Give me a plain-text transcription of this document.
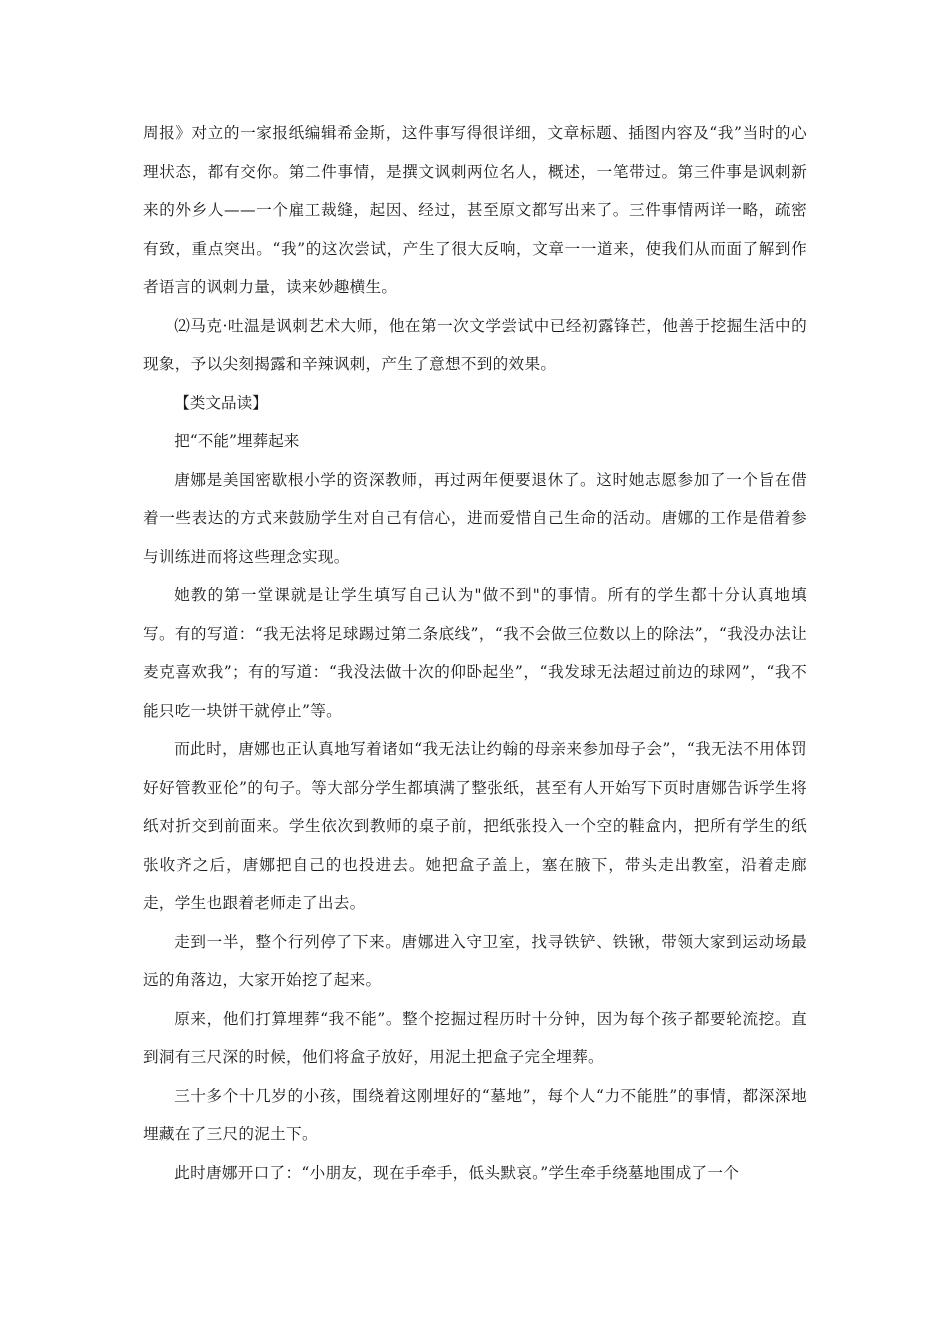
周报》对立的一家报纸编辑希金斯，这件事写得很详细，文章标题、插图内容及“我”当时的心理状态，都有交你。第二件事情，是撰文讽刺两位名人，概述，一笔带过。第三件事是讽刺新来的外乡人——一个雇工裁缝，起因、经过，甚至原文都写出来了。三件事情两详一略，疏密有致，重点突出。“我”的这次尝试，产生了很大反响，文章一一道来，使我们从而面了解到作者语言的讽刺力量，读来妙趣横生。

⑵马克·吐温是讽刺艺术大师，他在第一次文学尝试中已经初露锋芒，他善于挖掘生活中的现象，予以尖刻揭露和辛辣讽刺，产生了意想不到的效果。

【类文品读】

把“不能”埋葬起来

唐娜是美国密歇根小学的资深教师，再过两年便要退休了。这时她志愿参加了一个旨在借着一些表达的方式来鼓励学生对自己有信心，进而爱惜自己生命的活动。唐娜的工作是借着参与训练进而将这些理念实现。

她教的第一堂课就是让学生填写自己认为"做不到"的事情。所有的学生都十分认真地填写。有的写道：“我无法将足球踢过第二条底线”，“我不会做三位数以上的除法”，“我没办法让麦克喜欢我”；有的写道：“我没法做十次的仰卧起坐”，“我发球无法超过前边的球网”，“我不能只吃一块饼干就停止”等。

而此时，唐娜也正认真地写着诸如“我无法让约翰的母亲来参加母子会”，“我无法不用体罚好好管教亚伦”的句子。等大部分学生都填满了整张纸，甚至有人开始写下页时唐娜告诉学生将纸对折交到前面来。学生依次到教师的桌子前，把纸张投入一个空的鞋盒内，把所有学生的纸张收齐之后，唐娜把自己的也投进去。她把盒子盖上，塞在腋下，带头走出教室，沿着走廊走，学生也跟着老师走了出去。

走到一半，整个行列停了下来。唐娜进入守卫室，找寻铁铲、铁锹，带领大家到运动场最远的角落边，大家开始挖了起来。

原来，他们打算埋葬“我不能”。整个挖掘过程历时十分钟，因为每个孩子都要轮流挖。直到洞有三尺深的时候，他们将盒子放好，用泥土把盒子完全埋葬。

三十多个十几岁的小孩，围绕着这刚埋好的“墓地”，每个人“力不能胜”的事情，都深深地埋藏在了三尺的泥土下。

此时唐娜开口了：“小朋友，现在手牵手，低头默哀。”学生牵手绕墓地围成了一个
